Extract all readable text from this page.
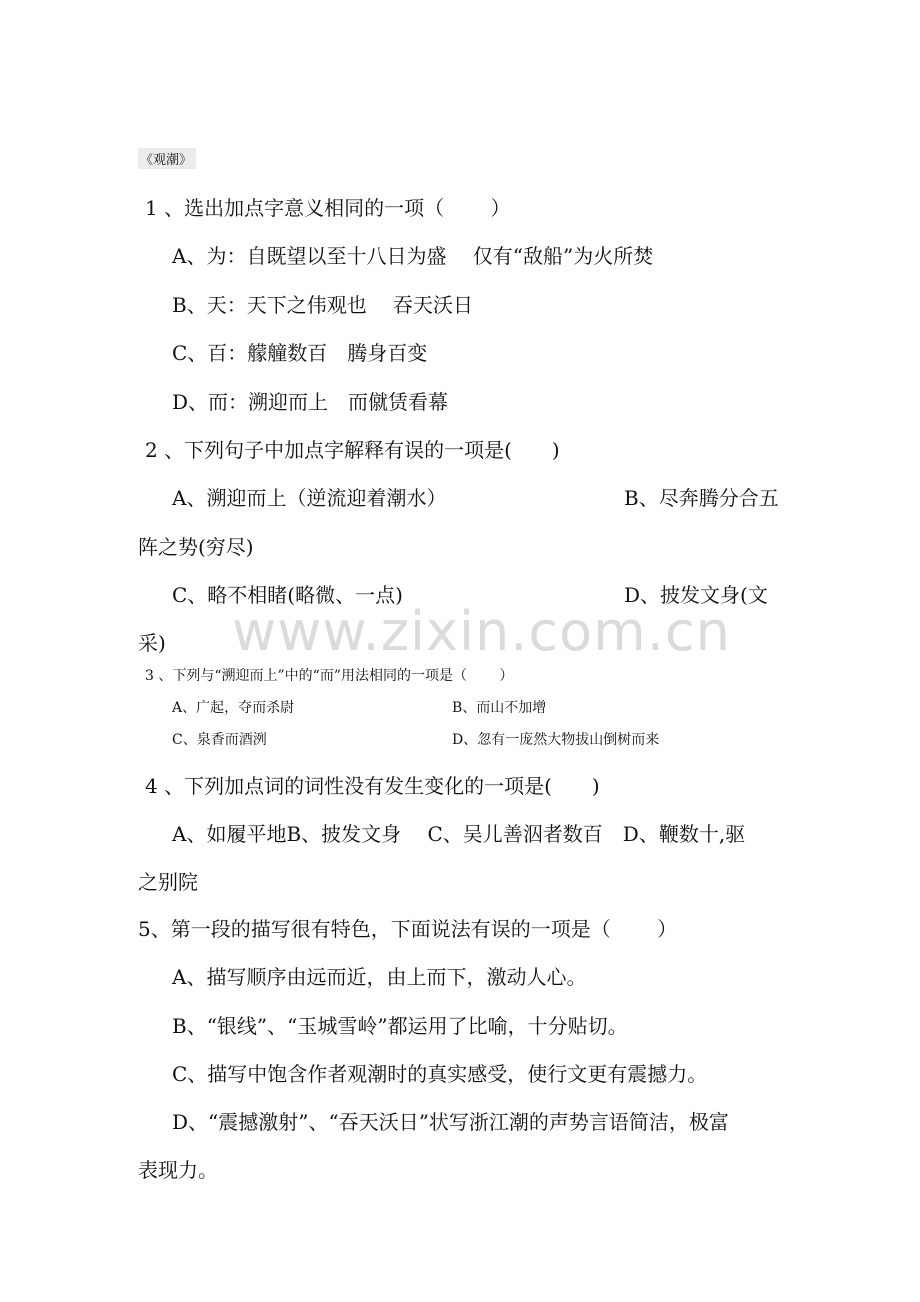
《观潮》
1 、选出加点字意义相同的一项（　　 ）
A、为：自既望以至十八日为盛　 仅有“敌船”为火所焚
B、天：天下之伟观也　 吞天沃日
C、百：艨艟数百　腾身百变
D、而：溯迎而上　而僦赁看幕
2 、下列句子中加点字解释有误的一项是(　　)
A、溯迎而上（逆流迎着潮水）	B、尽奔腾分合五
阵之势(穷尽)
C、略不相睹(略微、一点)	D、披发文身(文
采)
3 、下列与“溯迎而上”中的“而”用法相同的一项是（　　 ）
A、广起，夺而杀尉	B、而山不加增
C、泉香而酒洌	D、忽有一庞然大物拔山倒树而来
4 、下列加点词的词性没有发生变化的一项是(　　)
A、如履平地B、披发文身　 C、吴儿善泅者数百　D、鞭数十,驱
之别院
5、第一段的描写很有特色，下面说法有误的一项是（　　 ）
A、描写顺序由远而近，由上而下，激动人心。
B、“银线”、“玉城雪岭”都运用了比喻，十分贴切。
C、描写中饱含作者观潮时的真实感受，使行文更有震撼力。
D、“震撼激射”、“吞天沃日”状写浙江潮的声势言语简洁，极富
表现力。
www.zixin.com.cn
